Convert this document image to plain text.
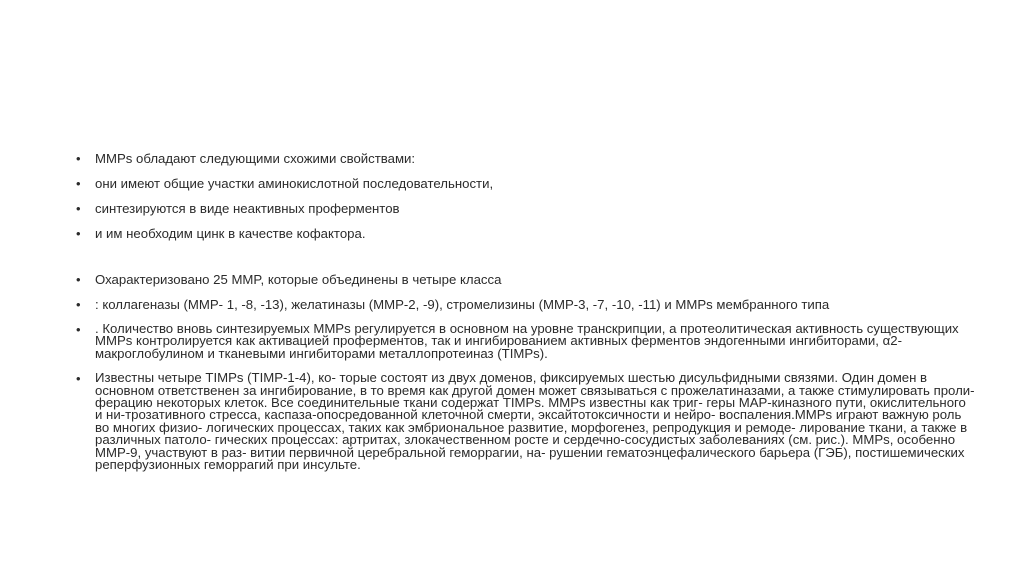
• MMPs обладают следующими схожими свойствами:
• они имеют общие участки аминокислотной последовательности,
• синтезируются в виде неактивных проферментов
• и им необходим цинк в качестве кофактора.
• Охарактеризовано 25 MMP, которые объединены в четыре класса
• : коллагеназы (MMP- 1, -8, -13), желатиназы (MMP-2, -9), стромелизины (MMP-3, -7, -10, -11) и MMPs мембранного типа
• . Количество вновь синтезируемых MMPs регулируется в основном на уровне транскрипции, а протеолитическая активность существующих MMPs контролируется как активацией проферментов, так и ингибированием активных ферментов эндогенными ингибиторами, α2-макроглобулином и тканевыми ингибиторами металлопротеиназ (TIMPs).
• Известны четыре TIMPs (TIMP-1-4), ко- торые состоят из двух доменов, фиксируемых шестью дисульфидными связями. Один домен в основном ответственен за ингибирование, в то время как другой домен может связываться с прожелатиназами, а также стимулировать проли- ферацию некоторых клеток. Все соединительные ткани содержат TIMPs. MMPs известны как триг- геры MAP-киназного пути, окислительного и ни-трозативного стресса, каспаза-опосредованной клеточной смерти, эксайтотоксичности и нейро- воспаления.MMPs играют важную роль во многих физио- логических процессах, таких как эмбриональное развитие, морфогенез, репродукция и ремоде- лирование ткани, а также в различных патоло- гических процессах: артритах, злокачественном росте и сердечно-сосудистых заболеваниях (см. рис.). MMPs, особенно MMP-9, участвуют в раз- витии первичной церебральной геморрагии, на- рушении гематоэнцефалического барьера (ГЭБ), постишемических реперфузионных геморрагий при инсульте.
